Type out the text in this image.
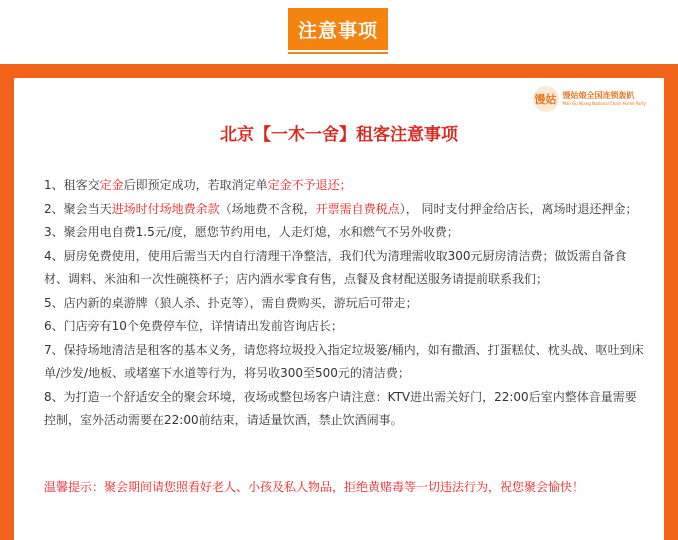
注意事项
馒姑 馒姑娘全国连锁轰趴
Man Gu Niang National Chain Home Party
北京【一木一舍】租客注意事项

1、租客交定金后即预定成功，若取消定单定金不予退还；

2、聚会当天进场时付场地费余款（场地费不含税，开票需自费税点）， 同时支付押金给店长，离场时退还押金；

3、聚会用电自费1.5元/度，愿您节约用电，人走灯熄，水和燃气不另外收费；

4、厨房免费使用，使用后需当天内自行清理干净整洁，我们代为清理需收取300元厨房清洁费；做饭需自备食材、调料、米油和一次性碗筷杯子；店内酒水零食有售，点餐及食材配送服务请提前联系我们；

5、店内新的桌游牌（狼人杀、扑克等），需自费购买，游玩后可带走；

6、门店旁有10个免费停车位，详情请出发前咨询店长；

7、保持场地清洁是租客的基本义务，请您将垃圾投入指定垃圾篓/桶内，如有撒酒、打蛋糕仗、枕头战、呕吐到床单/沙发/地板、或堵塞下水道等行为，将另收300至500元的清洁费；

8、为打造一个舒适安全的聚会环境，夜场或整包场客户请注意：KTV进出需关好门，22:00后室内整体音量需要控制，室外活动需要在22:00前结束，请适量饮酒，禁止饮酒闹事。

温馨提示：聚会期间请您照看好老人、小孩及私人物品，拒绝黄赌毒等一切违法行为，祝您聚会愉快！
